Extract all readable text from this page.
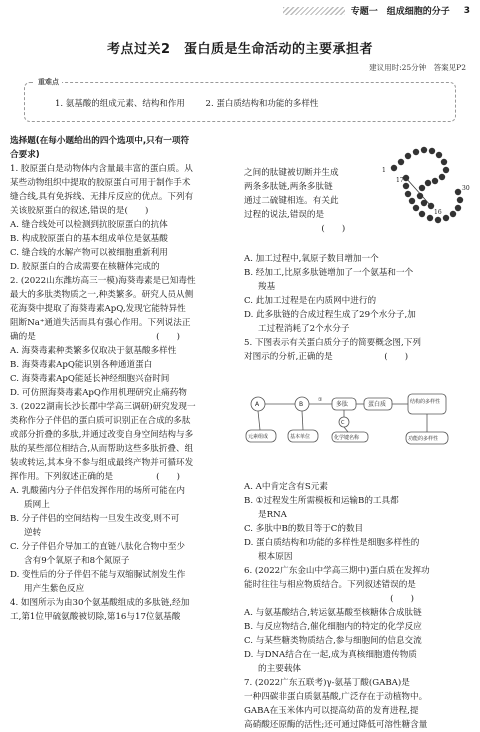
专题一　组成细胞的分子 3
考点过关2　蛋白质是生命活动的主要承担者
建议用时:25分钟　答案见P2
重难点
1. 氨基酸的组成元素、结构和作用 2. 蛋白质结构和功能的多样性
选择题(在每小题给出的四个选项中,只有一项符
合要求)
1. 胶原蛋白是动物体内含量最丰富的蛋白质。从
某些动物组织中提取的胶原蛋白可用于制作手术
缝合线,具有免拆线、无排斥反应的优点。下列有
关该胶原蛋白的叙述,错误的是(　　)
A. 缝合线处可以检测到抗胶原蛋白的抗体
B. 构成胶原蛋白的基本组成单位是氨基酸
C. 缝合线的水解产物可以被细胞重新利用
D. 胶原蛋白的合成需要在核糖体完成的
2. (2022山东潍坊高三一模)海葵毒素是已知毒性
最大的多肽类物质之一,种类繁多。研究人员从侧
花海葵中提取了海葵毒素ApQ,发现它能特异性
阻断Na⁺通道失活而具有强心作用。下列说法正
确的是　　　　　　　　　　　　　　(　　)
A. 海葵毒素种类繁多仅取决于氨基酸多样性
B. 海葵毒素ApQ能识别各种通道蛋白
C. 海葵毒素ApQ能延长神经细胞兴奋时间
D. 可仿照海葵毒素ApQ作用机理研究止痛药物
3. (2022湖南长沙长郡中学高三调研)研究发现一
类称作分子伴侣的蛋白质可识别正在合成的多肽
或部分折叠的多肽,并通过改变自身空间结构与多
肽的某些部位相结合,从而帮助这些多肽折叠、组
装或转运,其本身不参与组成最终产物并可循环发
挥作用。下列叙述正确的是　　　　　(　　)
A. 乳酸菌内分子伴侣发挥作用的场所可能在内
　  质网上
B. 分子伴侣的空间结构一旦发生改变,则不可
　  逆转
C. 分子伴侣介导加工的直链八肽化合物中至少
　  含有9个氧原子和8个氮原子
D. 变性后的分子伴侣不能与双缩脲试剂发生作
　  用产生紫色反应
4. 如图所示为由30个氨基酸组成的多肽链,经加
工,第1位甲硫氨酸被切除,第16与17位氨基酸

之间的肽键被切断并生成
两条多肽链,两条多肽链
通过二硫键相连。有关此
过程的说法,错误的是
　　　　　　　　　(　　)

1
17
16
30

A. 加工过程中,氧原子数目增加一个
B. 经加工,比原多肽链增加了一个氨基和一个
　  羧基
C. 此加工过程是在内质网中进行的
D. 此多肽链的合成过程生成了29个水分子,加
　  工过程消耗了2个水分子
5. 下图表示有关蛋白质分子的简要概念图,下列
对图示的分析,正确的是　　　　　　(　　)

A	B	多肽	蛋白质	结构的多样性
元素组成	基本单位
C
化学键名称	功能的多样性
①

A. A中肯定含有S元素
B. ①过程发生所需模板和运输B的工具都
　  是RNA
C. 多肽中B的数目等于C的数目
D. 蛋白质结构和功能的多样性是细胞多样性的
　  根本原因
6. (2022广东金山中学高三期中)蛋白质在发挥功
能时往往与相应物质结合。下列叙述错误的是
　　　　　　　　　　　　　　　　　(　　)
A. 与氨基酸结合,转运氨基酸至核糖体合成肽链
B. 与反应物结合,催化细胞内的特定的化学反应
C. 与某些糖类物质结合,参与细胞间的信息交流
D. 与DNA结合在一起,成为真核细胞遗传物质
　  的主要载体
7. (2022广东五联考)γ-氨基丁酸(GABA)是
一种四碳非蛋白质氨基酸,广泛存在于动植物中。
GABA在玉米体内可以提高幼苗的发育进程,提
高硝酸还原酶的活性;还可通过降低可溶性糖含量
